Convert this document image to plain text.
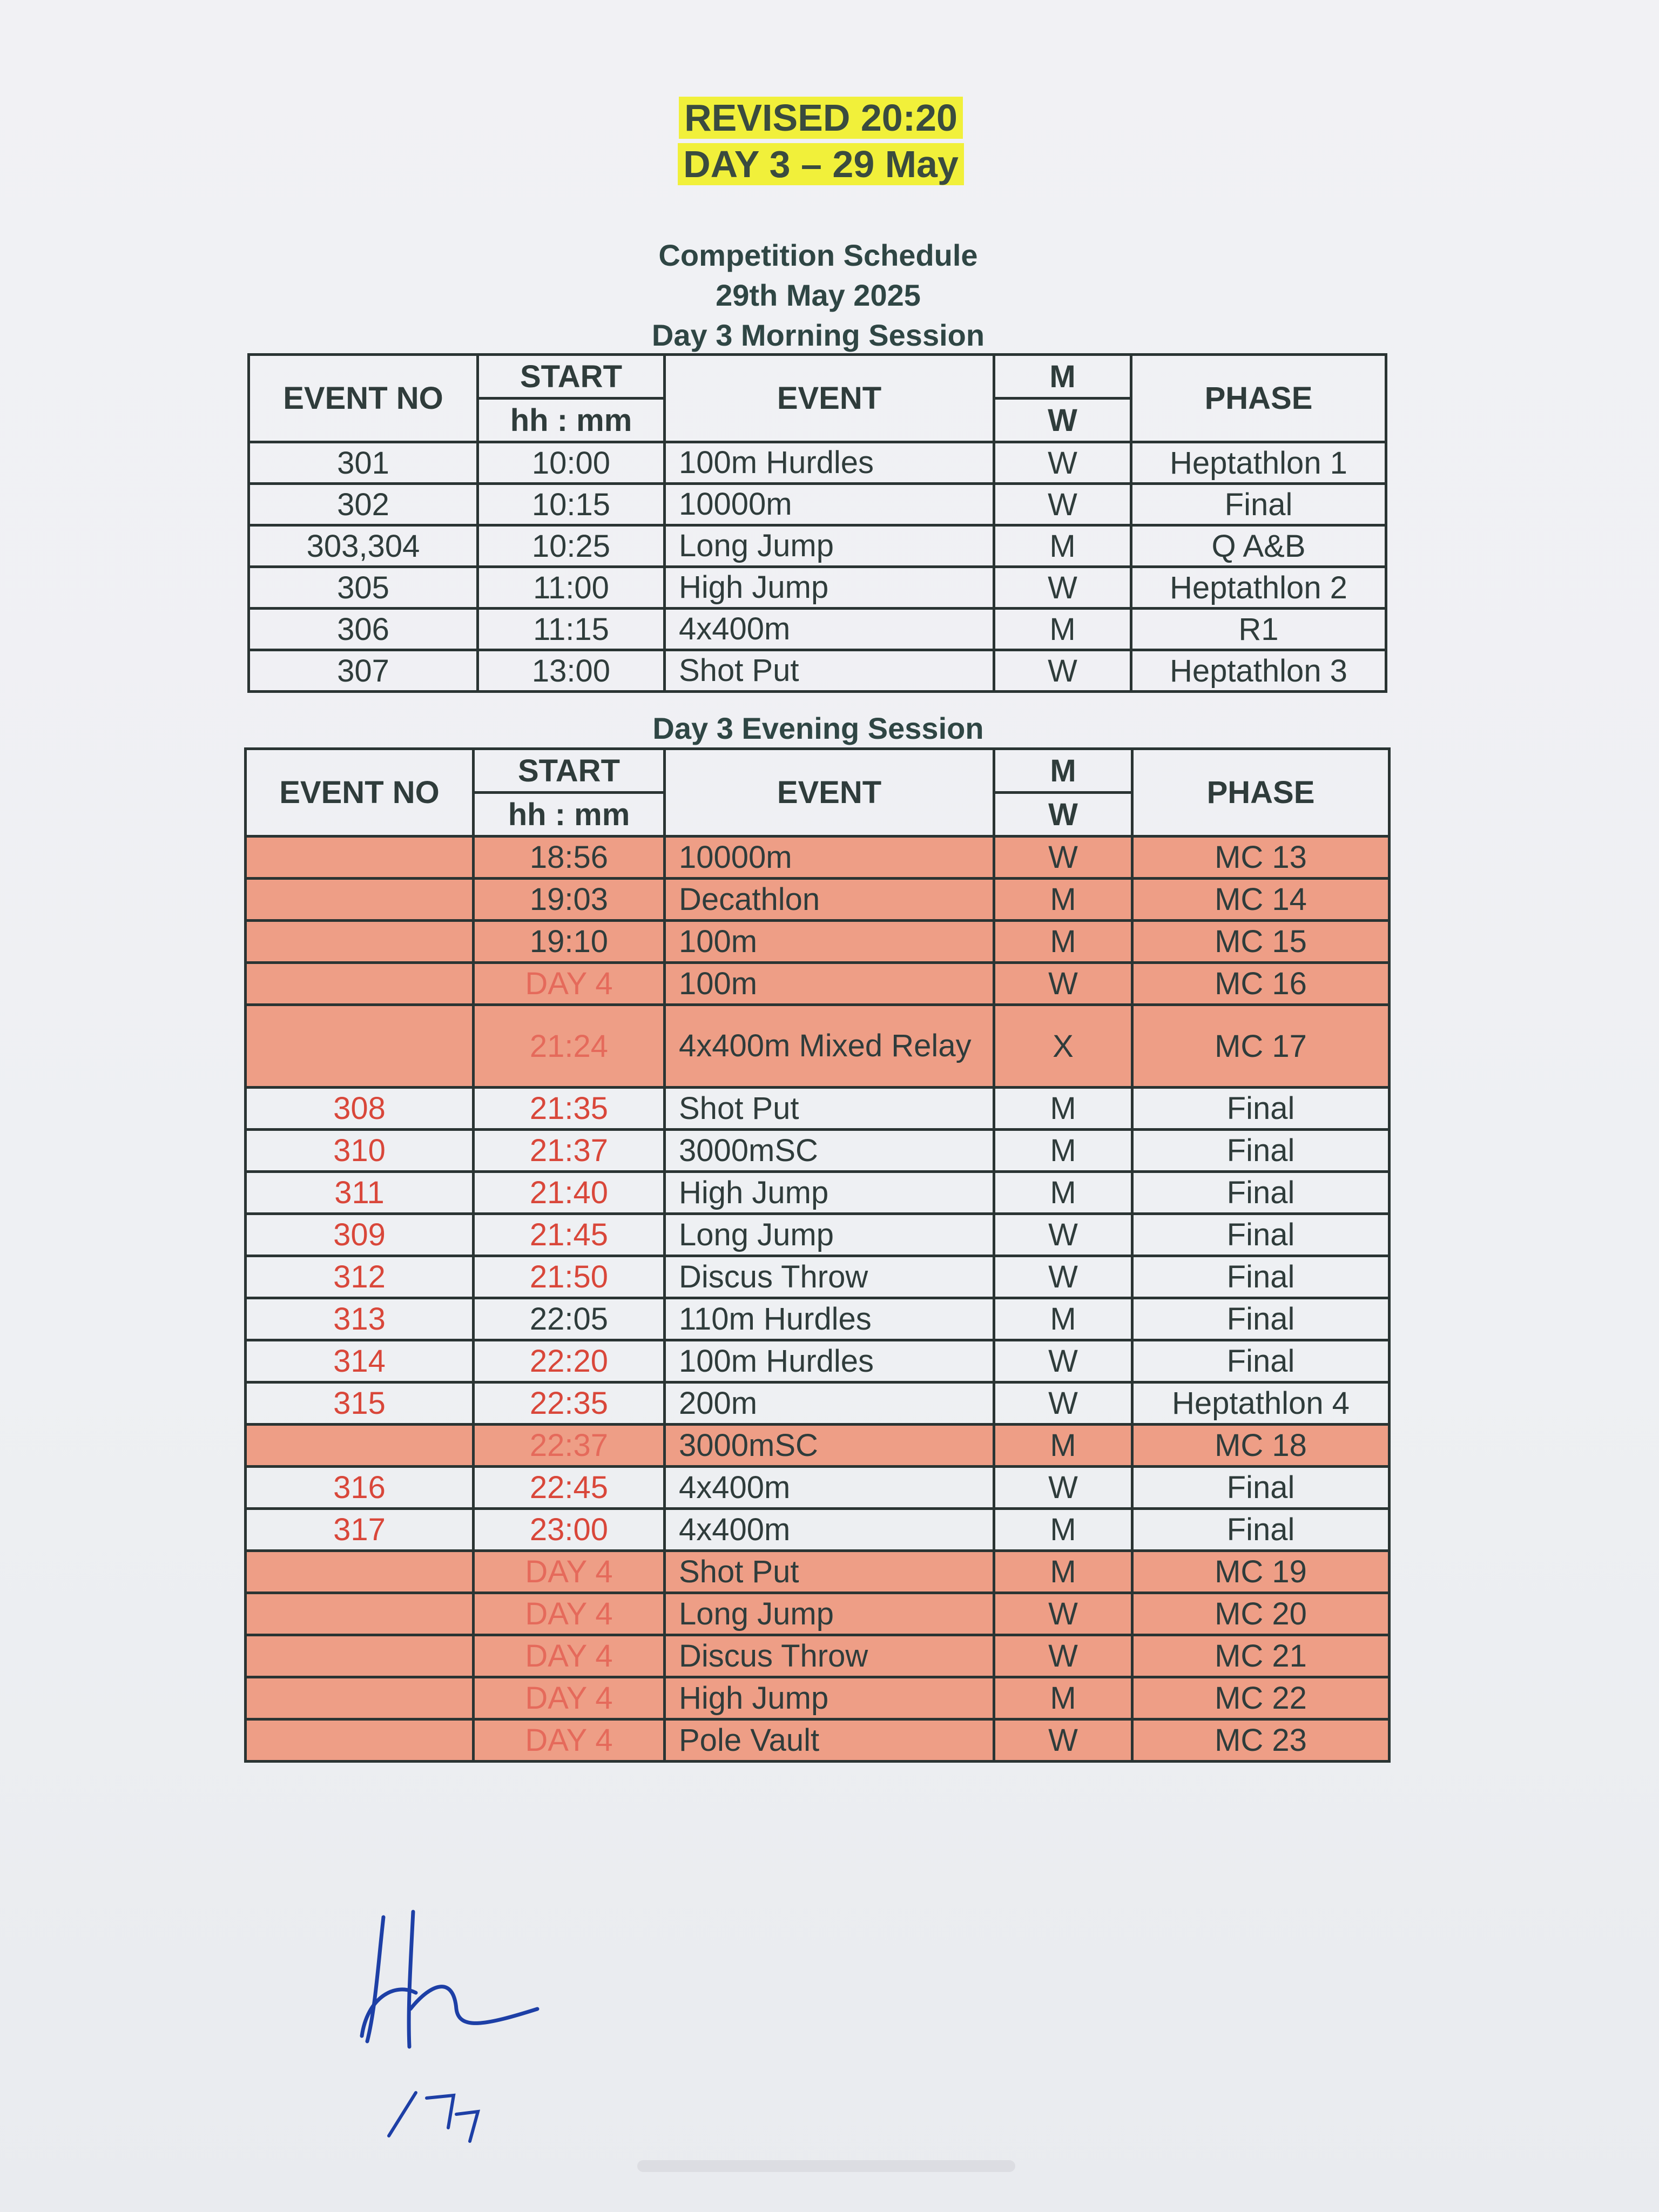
REVISED 20:20
DAY 3 – 29 May
Competition Schedule
29th May 2025
Day 3 Morning Session
Day 3 Evening Session
EVENT NO	START	EVENT	M	PHASE
	hh : mm		W	
301	10:00	100m Hurdles	W	Heptathlon 1
302	10:15	10000m	W	Final
303,304	10:25	Long Jump	M	Q A&B
305	11:00	High Jump	W	Heptathlon 2
306	11:15	4x400m	M	R1
307	13:00	Shot Put	W	Heptathlon 3
EVENT NO	START	EVENT	M	PHASE
	hh : mm		W	
	18:56	10000m	W	MC 13
	19:03	Decathlon	M	MC 14
	19:10	100m	M	MC 15
	DAY 4	100m	W	MC 16
	21:24	4x400m Mixed Relay	X	MC 17
308	21:35	Shot Put	M	Final
310	21:37	3000mSC	M	Final
311	21:40	High Jump	M	Final
309	21:45	Long Jump	W	Final
312	21:50	Discus Throw	W	Final
313	22:05	110m Hurdles	M	Final
314	22:20	100m Hurdles	W	Final
315	22:35	200m	W	Heptathlon 4
	22:37	3000mSC	M	MC 18
316	22:45	4x400m	W	Final
317	23:00	4x400m	M	Final
	DAY 4	Shot Put	M	MC 19
	DAY 4	Long Jump	W	MC 20
	DAY 4	Discus Throw	W	MC 21
	DAY 4	High Jump	M	MC 22
	DAY 4	Pole Vault	W	MC 23
